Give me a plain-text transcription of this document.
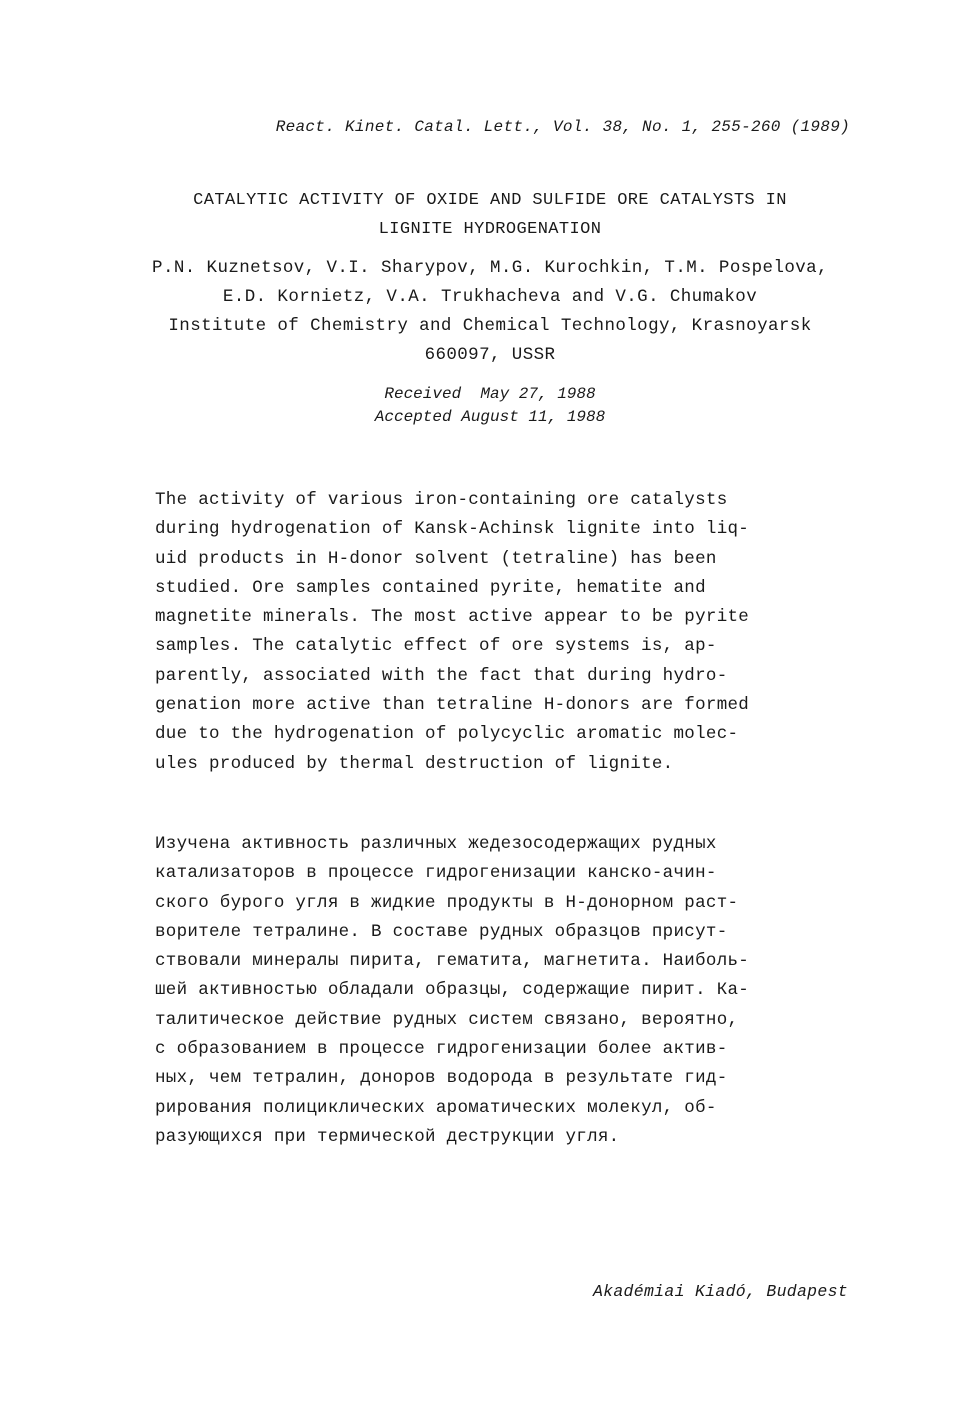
React. Kinet. Catal. Lett., Vol. 38, No. 1, 255-260 (1989)
CATALYTIC ACTIVITY OF OXIDE AND SULFIDE ORE CATALYSTS IN
LIGNITE HYDROGENATION
P.N. Kuznetsov, V.I. Sharypov, M.G. Kurochkin, T.M. Pospelova,
E.D. Kornietz, V.A. Trukhacheva and V.G. Chumakov
Institute of Chemistry and Chemical Technology, Krasnoyarsk
660097, USSR
Received  May 27, 1988
Accepted August 11, 1988
The activity of various iron-containing ore catalysts
during hydrogenation of Kansk-Achinsk lignite into liq-
uid products in H-donor solvent (tetraline) has been
studied. Ore samples contained pyrite, hematite and
magnetite minerals. The most active appear to be pyrite
samples. The catalytic effect of ore systems is, ap-
parently, associated with the fact that during hydro-
genation more active than tetraline H-donors are formed
due to the hydrogenation of polycyclic aromatic molec-
ules produced by thermal destruction of lignite.
Изучена активность различных жедезосодержащих рудных
катализаторов в процессе гидрогенизации канско-ачин-
ского бурого угля в жидкие продукты в Н-донорном раст-
ворителе тетралине. В составе рудных образцов присут-
ствовали минералы пирита, гематита, магнетита. Наиболь-
шей активностью обладали образцы, содержащие пирит. Ка-
талитическое действие рудных систем связано, вероятно,
с образованием в процессе гидрогенизации более актив-
ных, чем тетралин, доноров водорода в результате гид-
рирования полициклических ароматических молекул, об-
разующихся при термической деструкции угля.
Akadémiai Kiadó, Budapest
